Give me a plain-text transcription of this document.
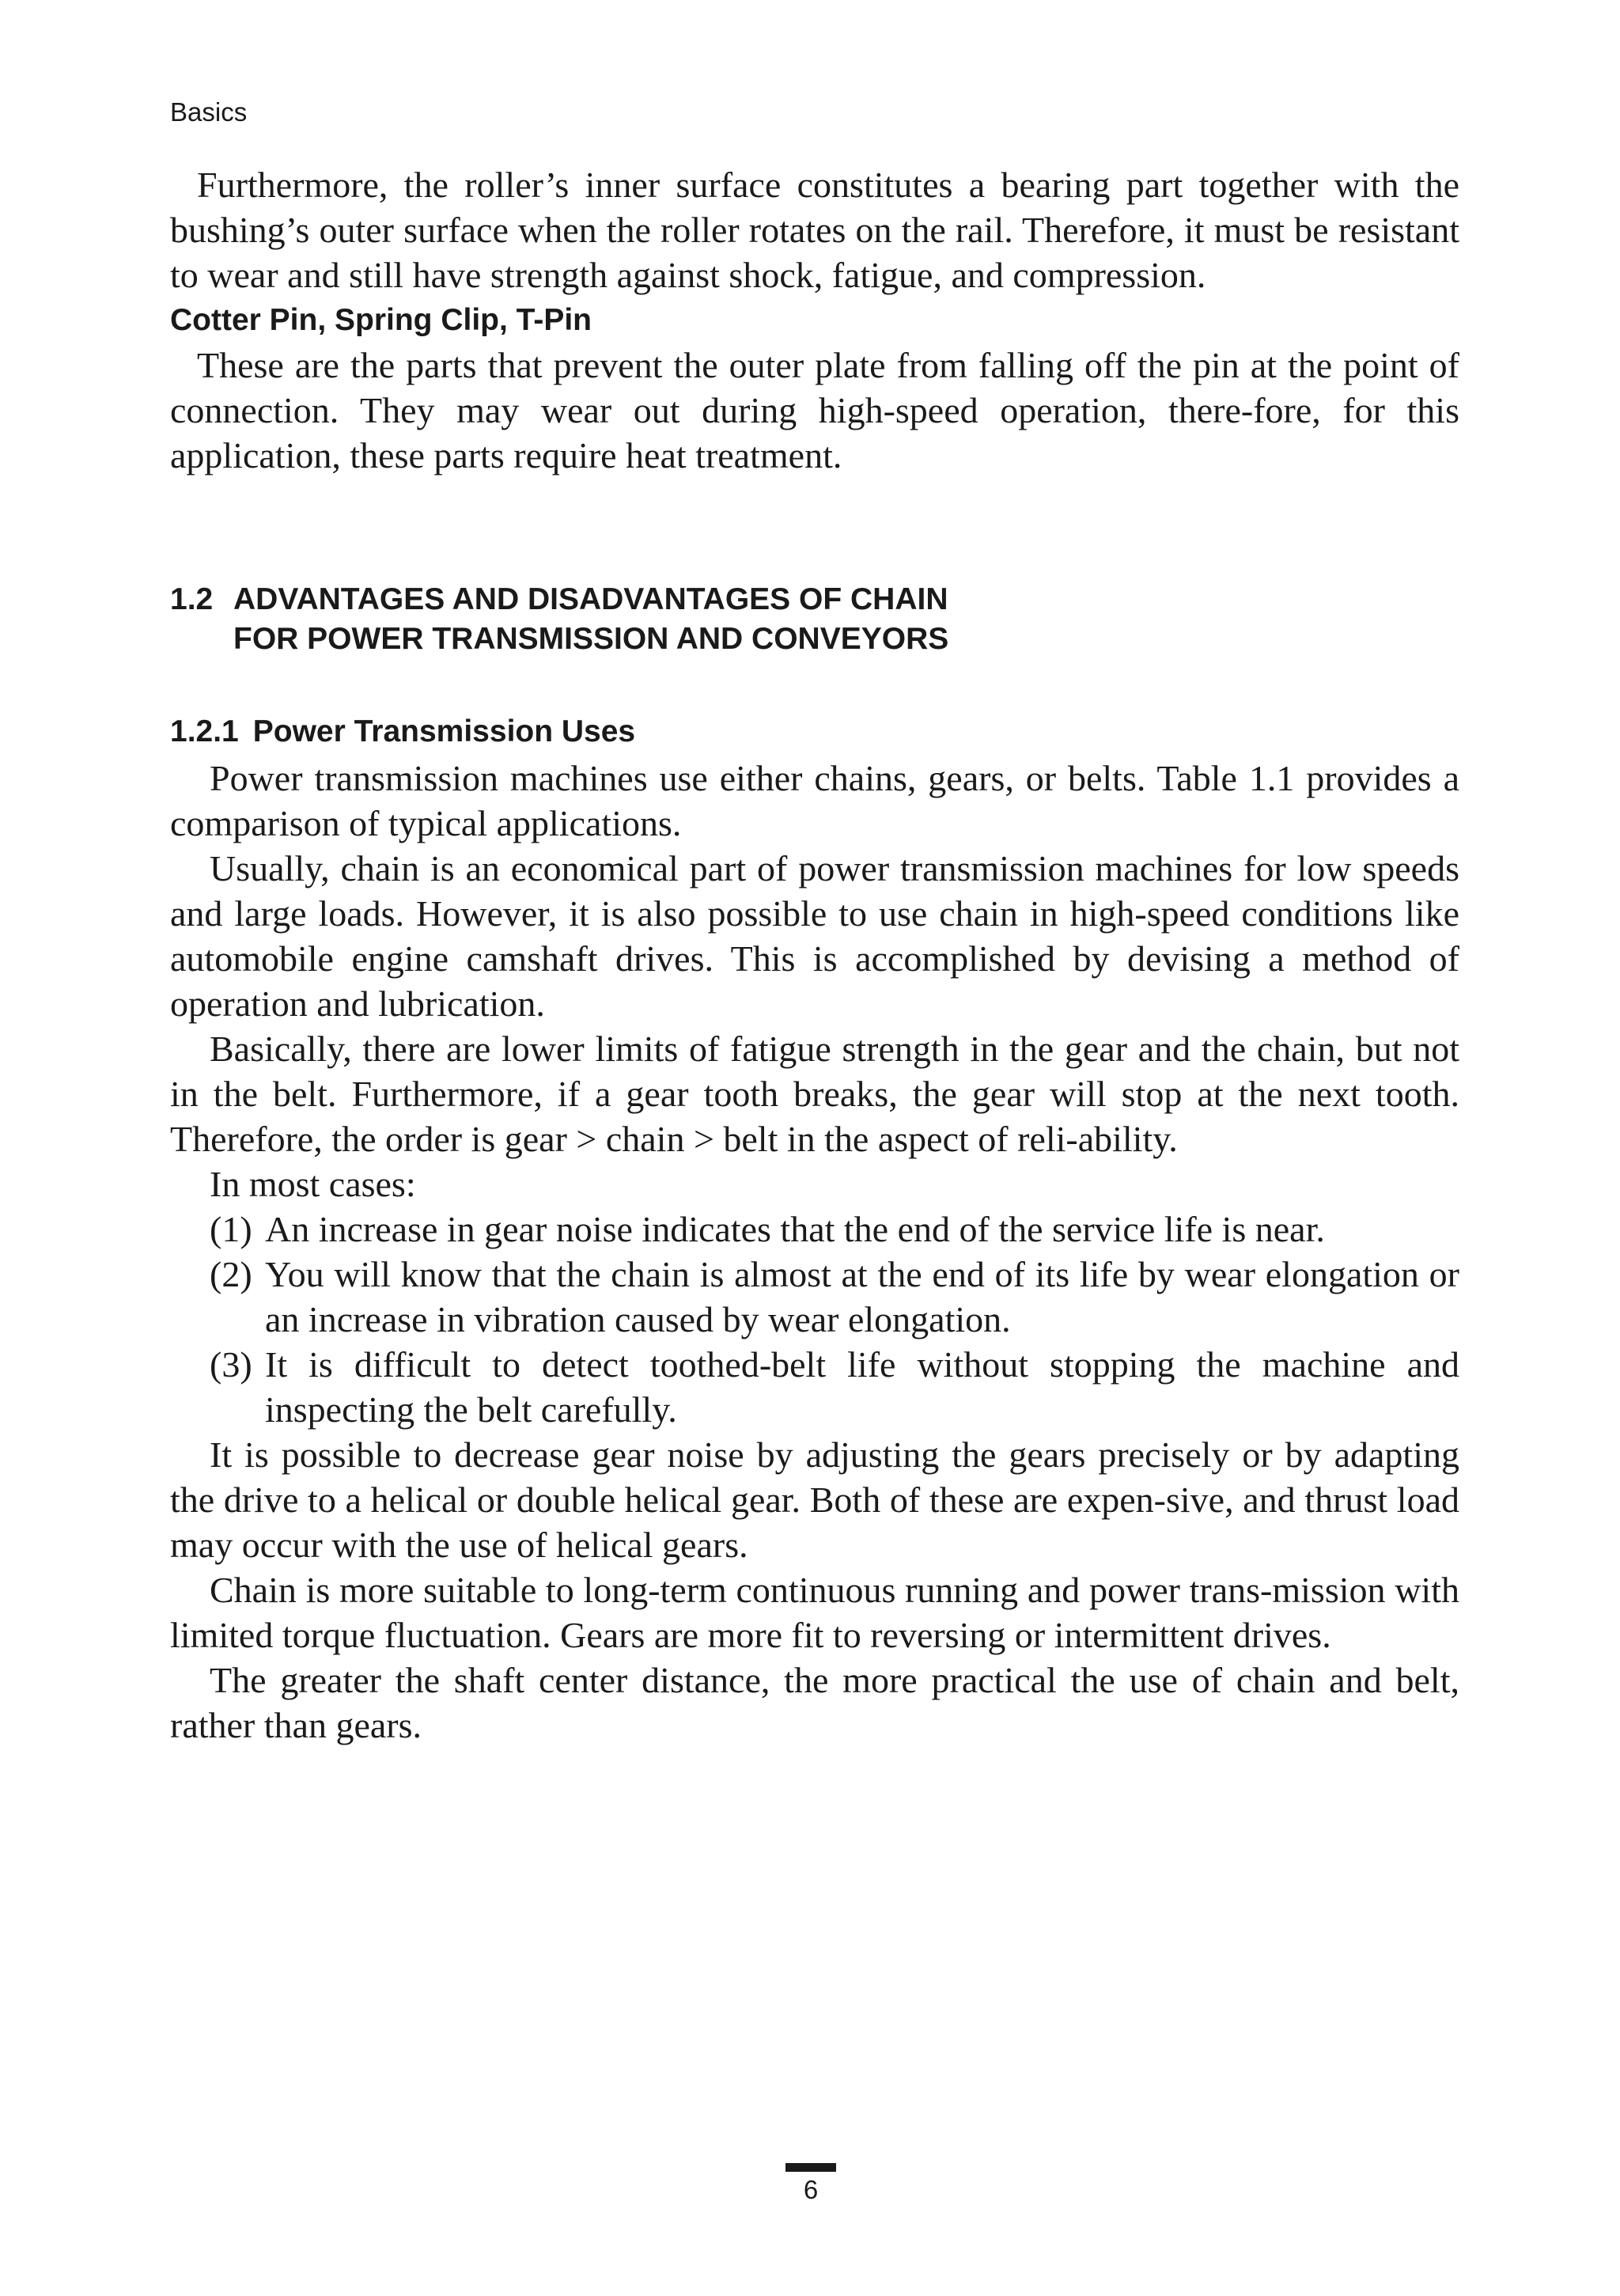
Basics

Furthermore, the roller’s inner surface constitutes a bearing part together with the bushing’s outer surface when the roller rotates on the rail. Therefore, it must be resistant to wear and still have strength against shock, fatigue, and compression.

Cotter Pin, Spring Clip, T-Pin

These are the parts that prevent the outer plate from falling off the pin at the point of connection. They may wear out during high-speed operation, there-fore, for this application, these parts require heat treatment.

1.2 ADVANTAGES AND DISADVANTAGES OF CHAIN
FOR POWER TRANSMISSION AND CONVEYORS
1.2.1 Power Transmission Uses

Power transmission machines use either chains, gears, or belts. Table 1.1 provides a comparison of typical applications.

Usually, chain is an economical part of power transmission machines for low speeds and large loads. However, it is also possible to use chain in high-speed conditions like automobile engine camshaft drives. This is accomplished by devising a method of operation and lubrication.

Basically, there are lower limits of fatigue strength in the gear and the chain, but not in the belt. Furthermore, if a gear tooth breaks, the gear will stop at the next tooth. Therefore, the order is gear > chain > belt in the aspect of reli-ability.

In most cases:

(1) An increase in gear noise indicates that the end of the service life is near.
(2) You will know that the chain is almost at the end of its life by wear elongation or an increase in vibration caused by wear elongation.
(3) It is difficult to detect toothed-belt life without stopping the machine and inspecting the belt carefully.

It is possible to decrease gear noise by adjusting the gears precisely or by adapting the drive to a helical or double helical gear. Both of these are expen-sive, and thrust load may occur with the use of helical gears.

Chain is more suitable to long-term continuous running and power trans-mission with limited torque fluctuation. Gears are more fit to reversing or intermittent drives.

The greater the shaft center distance, the more practical the use of chain and belt, rather than gears.

6
